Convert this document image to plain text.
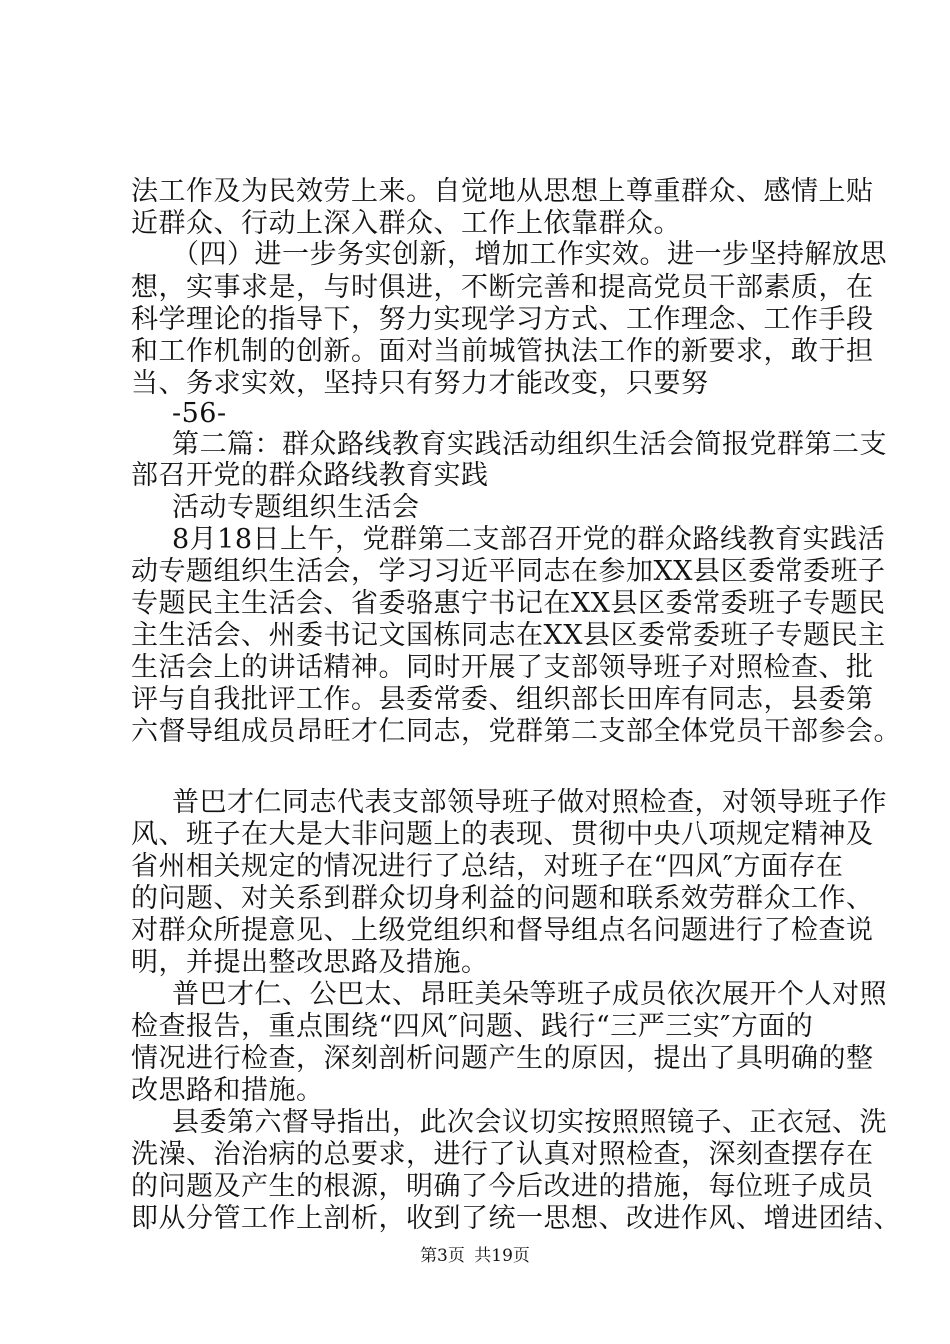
法工作及为民效劳上来。自觉地从思想上尊重群众、感情上贴
近群众、行动上深入群众、工作上依靠群众。
（四）进一步务实创新，增加工作实效。进一步坚持解放思
想，实事求是，与时俱进，不断完善和提高党员干部素质，在
科学理论的指导下，努力实现学习方式、工作理念、工作手段
和工作机制的创新。面对当前城管执法工作的新要求，敢于担
当、务求实效，坚持只有努力才能改变，只要努
-56-
第二篇：群众路线教育实践活动组织生活会简报党群第二支
部召开党的群众路线教育实践
活动专题组织生活会
8月18日上午，党群第二支部召开党的群众路线教育实践活
动专题组织生活会，学习习近平同志在参加XX县区委常委班子
专题民主生活会、省委骆惠宁书记在XX县区委常委班子专题民
主生活会、州委书记文国栋同志在XX县区委常委班子专题民主
生活会上的讲话精神。同时开展了支部领导班子对照检查、批
评与自我批评工作。县委常委、组织部长田库有同志，县委第
六督导组成员昂旺才仁同志，党群第二支部全体党员干部参会。
普巴才仁同志代表支部领导班子做对照检查，对领导班子作
风、班子在大是大非问题上的表现、贯彻中央八项规定精神及
省州相关规定的情况进行了总结，对班子在“四风″方面存在
的问题、对关系到群众切身利益的问题和联系效劳群众工作、
对群众所提意见、上级党组织和督导组点名问题进行了检查说
明，并提出整改思路及措施。
普巴才仁、公巴太、昂旺美朵等班子成员依次展开个人对照
检查报告，重点围绕“四风″问题、践行“三严三实″方面的
情况进行检查，深刻剖析问题产生的原因，提出了具明确的整
改思路和措施。
县委第六督导指出，此次会议切实按照照镜子、正衣冠、洗
洗澡、治治病的总要求，进行了认真对照检查，深刻查摆存在
的问题及产生的根源，明确了今后改进的措施，每位班子成员
即从分管工作上剖析，收到了统一思想、改进作风、增进团结、
第3页 共19页
